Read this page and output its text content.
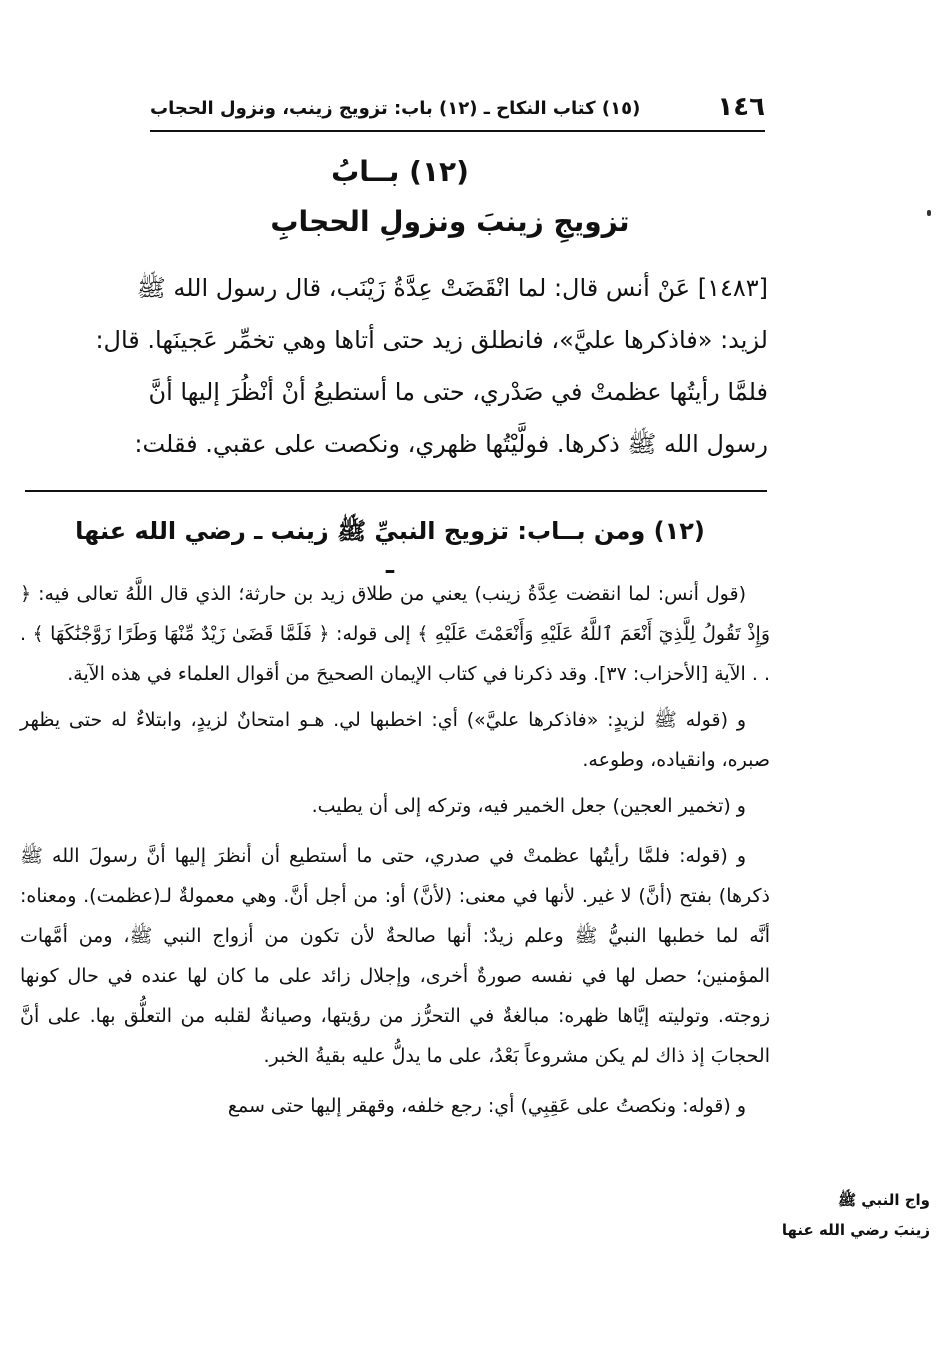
١٤٦
(١٥) كتاب النكاح ـ (١٢) باب: تزويج زينب، ونزول الحجاب
(١٢) بــابُ
تزويجِ زينبَ ونزولِ الحجابِ

[١٤٨٣] عَنْ أنس قال: لما انْقَضَتْ عِدَّةُ زَيْنَب، قال رسول الله ﷺ

لزيد: «فاذكرها عليَّ»، فانطلق زيد حتى أتاها وهي تخمِّر عَجينَها. قال:

فلمَّا رأيتُها عظمتْ في صَدْري، حتى ما أستطيعُ أنْ أنْظُرَ إليها أنَّ

رسول الله ﷺ ذكرها. فولَّيْتُها ظهري، ونكصت على عقبي. فقلت:

(١٢) ومن بــاب: تزويج النبيِّ ﷺ زينب ـ رضي الله عنها ـ

(قول أنس: لما انقضت عِدَّةُ زينب) يعني من طلاق زيد بن حارثة؛ الذي قال اللَّهُ تعالى فيه: ﴿ وَإِذْ تَقُولُ لِلَّذِيٓ أَنْعَمَ ٱللَّهُ عَلَيْهِ وَأَنْعَمْتَ عَلَيْهِ ﴾ إلى قوله: ﴿ فَلَمَّا قَضَىٰ زَيْدٌ مِّنْهَا وَطَرًا زَوَّجْنَٰكَهَا ﴾ . . . الآية [الأحزاب: ٣٧]. وقد ذكرنا في كتاب الإيمان الصحيحَ من أقوال العلماء في هذه الآية.

و (قوله ﷺ لزيدٍ: «فاذكرها عليَّ») أي: اخطبها لي. هـو امتحانٌ لزيدٍ، وابتلاءٌ له حتى يظهر صبره، وانقياده، وطوعه.

و (تخمير العجين) جعل الخمير فيه، وتركه إلى أن يطيب.

و (قوله: فلمَّا رأيتُها عظمتْ في صدري، حتى ما أستطيع أن أنظرَ إليها أنَّ رسولَ الله ﷺ ذكرها) بفتح (أنَّ) لا غير. لأنها في معنى: (لأنَّ) أو: من أجل أنَّ. وهي معمولةٌ لـ(عظمت). ومعناه: أنَّه لما خطبها النبيُّ ﷺ وعلم زيدٌ: أنها صالحةٌ لأن تكون من أزواج النبي ﷺ، ومن أمَّهات المؤمنين؛ حصل لها في نفسه صورةٌ أخرى، وإجلال زائد على ما كان لها عنده في حال كونها زوجته. وتوليته إيَّاها ظهره: مبالغةٌ في التحرُّز من رؤيتها، وصيانةٌ لقلبه من التعلُّق بها. على أنَّ الحجابَ إذ ذاك لم يكن مشروعاً بَعْدُ، على ما يدلُّ عليه بقيةُ الخبر.

و (قوله: ونكصتُ على عَقِبِي) أي: رجع خلفه، وقهقر إليها حتى سمع

واج النبي ﷺ
زينبَ رضي الله عنها
